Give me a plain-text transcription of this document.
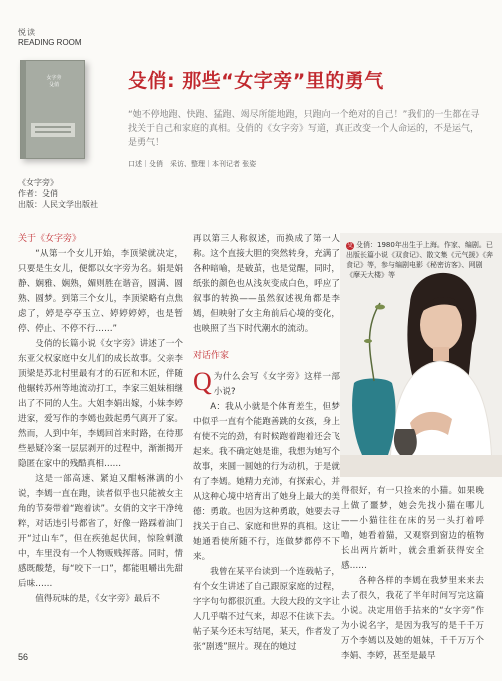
悦读
READING ROOM
女字旁
殳俏	殳俏: 那些“女字旁”里的勇气
“她不停地跑、快跑、猛跑、竭尽所能地跑，只跑向一个绝对的自己！”我们的一生都在寻找关于自己和家庭的真相。殳俏的《女字旁》写道，真正改变一个人命运的，不是运气，是勇气！
口述｜殳俏　采访、整理｜本刊记者 张姿
《女字旁》
作者：殳俏
出版：人民文学出版社

关于《女字旁》

“从第一个女儿开始，李顶梁就决定，只要是生女儿，便都以女字旁为名。娟是娟静、娴雅、娴熟，媚则胜在谐音，圆满、圆熟、圆梦。到第三个女儿，李顶梁略有点焦虑了，婷是亭亭玉立、婷婷婷婷，也是暂停、停止、不停不行……”

殳俏的长篇小说《女字旁》讲述了一个东亚父权家庭中女儿们的成长故事。父亲李顶梁是苏北村里最有才的石匠和木匠，伴随他辗转苏州等地流动打工，李家三姐妹相继出了不同的人生。大姐李娟出嫁，小妹李婷进家，爱写作的李嫣也鼓起勇气离开了家。然而，人到中年，李嫣回首来时路，在待那些悬疑冷案一层层剥开的过程中，渐渐揭开隐匿在家中的残酷真相……

这是一部高速、紧迫又酣畅淋漓的小说，李嫣一直在跑，读者似乎也只能被女主角的节奏带着“跑着读”。女俏的文字干净纯粹，对话违引号都省了，好像一路踩着油门开“过山车”，但在疾弛起伏间，惊险刺激中，车里没有一个人物贩贱挥落。同时，情感既酸楚，每“咬下一口”，都能咀嚼出先甜后味……

值得玩味的是，《女字旁》最后不

再以第三人称叙述，而换成了第一人称。这个直接大胆的突然转身，充满了各种暗喻，是破茧，也是觉醒，同时，纸张的颜色也从浅灰变成白色，呼应了叙事的转换——虽然叙述视角都是李嫣，但映射了女主角前后心境的变化，也映照了当下时代潮水的流动。

对话作家

Q为什么会写《女字旁》这样一部小说?

A：我从小就是个体育差生，但梦中似乎一直有个能跑善跳的女孩，身上有使不完的劲，有时候跑着跑着还会飞起来。我不确定她是谁，我想为她写个故事，来圆一圆她的行为动机，于是就有了李嫣。她精力充沛，有探索心，并从这种心境中培育出了她身上最大的美德：勇敢。也因为这种勇敢，她要去寻找关于自己、家庭和世界的真相。这让她通看使所随不行，连做梦都停不下来。

我曾在某平台读到一个连载帖子，有个女生讲述了自己跟原家庭的过程，字字句句都很沉重。大段大段的文字让人几乎喘不过气来，却忍不住读下去。帖子某今还未写结尾，某天，作者发了张“剧透”照片。现在的她过

殳 殳俏：1980年出生于上海。作家、编剧。已出版长篇小说《双食记》、散文集《元气援》《奔食记》等，参与编剧电影《秘密访客》、网剧《摩天大楼》等

得很好，有一只捡来的小猫。如果晚上做了噩梦，她会先找小猫在哪儿——小猫往往在床的另一头打着呼噜，她看着猫，又观察到窗边的植物长出两片新叶，就会重新获得安全感……

各种各样的李嫣在我梦里来来去去了很久，我花了半年时间写完这篇小说。决定用倍手拈来的“女字旁”作为小说名字，是因为我写的是千千万万个李嫣以及她的姐妹，千千万万个李娟、李婷，甚至是最早

56
